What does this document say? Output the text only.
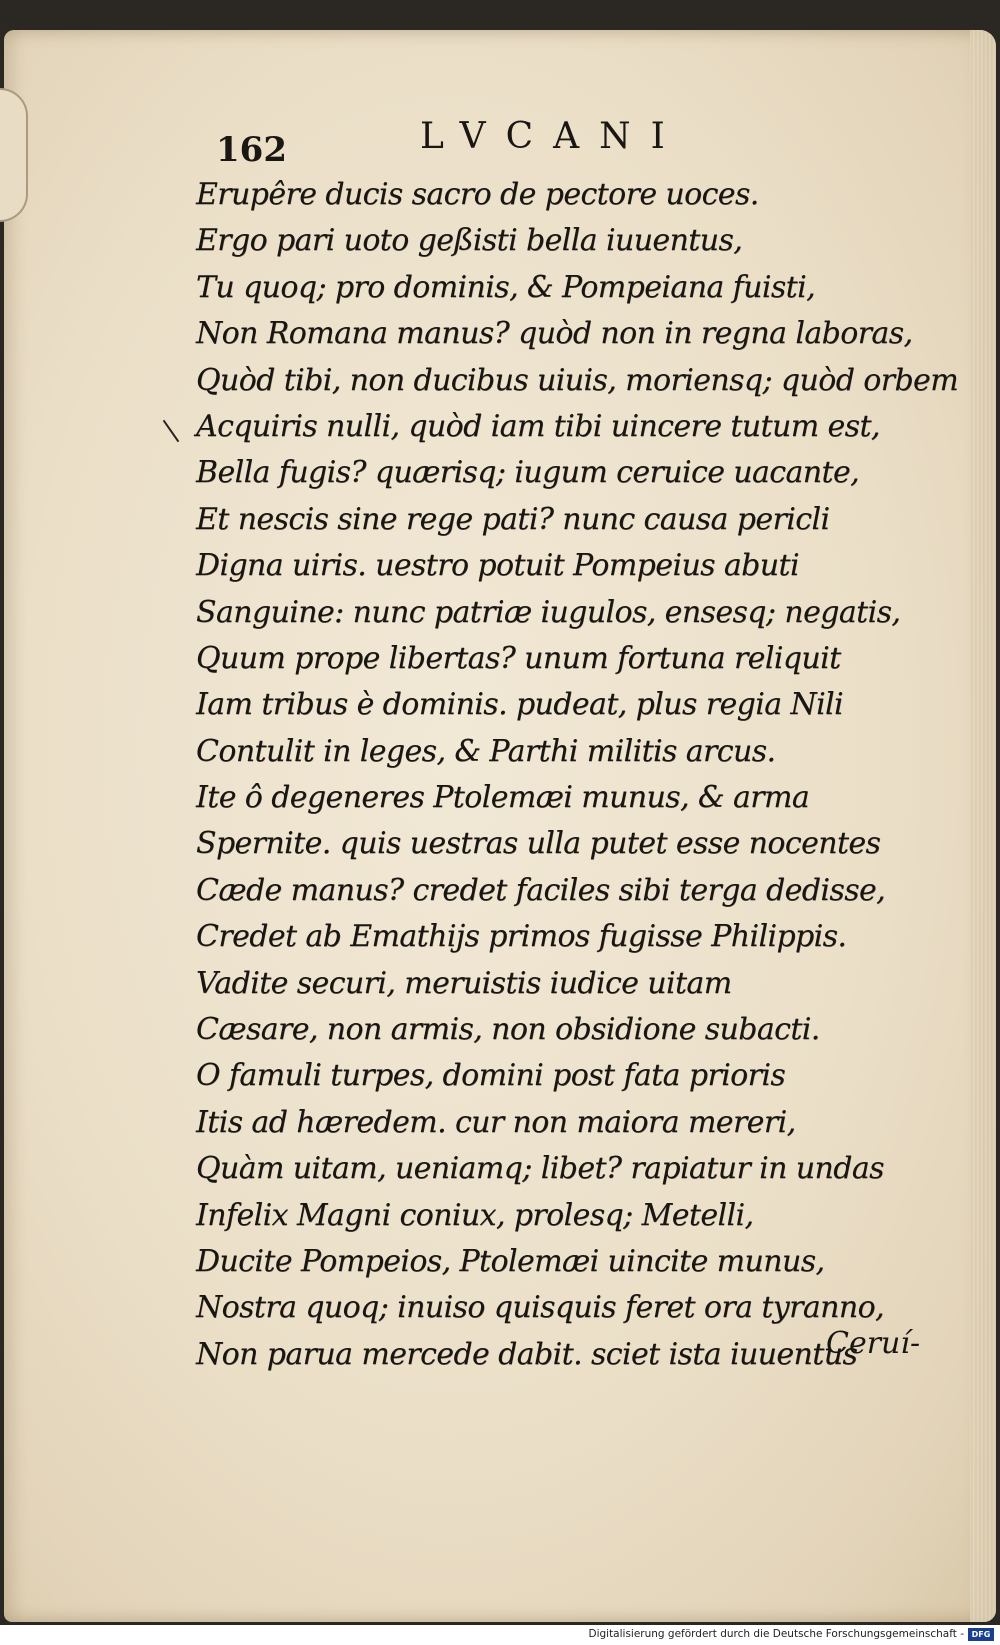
162	LVCANI
Erupêre ducis sacro de pectore uoces.
Ergo pari uoto geßisti bella iuuentus,
Tu quoq; pro dominis, & Pompeiana fuisti,
Non Romana manus? quòd non in regna laboras,
Quòd tibi, non ducibus uiuis, moriensq; quòd orbem
Acquiris nulli, quòd iam tibi uincere tutum est,
Bella fugis? quærisq; iugum ceruice uacante,
Et nescis sine rege pati? nunc causa pericli
Digna uiris. uestro potuit Pompeius abuti
Sanguine: nunc patriæ iugulos, ensesq; negatis,
Quum prope libertas? unum fortuna reliquit
Iam tribus è dominis. pudeat, plus regia Nili
Contulit in leges, & Parthi militis arcus.
Ite ô degeneres Ptolemæi munus, & arma
Spernite. quis uestras ulla putet esse nocentes
Cæde manus? credet faciles sibi terga dedisse,
Credet ab Emathijs primos fugisse Philippis.
Vadite securi, meruistis iudice uitam
Cæsare, non armis, non obsidione subacti.
O famuli turpes, domini post fata prioris
Itis ad hæredem. cur non maiora mereri,
Quàm uitam, ueniamq; libet? rapiatur in undas
Infelix Magni coniux, prolesq; Metelli,
Ducite Pompeios, Ptolemæi uincite munus,
Nostra quoq; inuiso quisquis feret ora tyranno,
Non parua mercede dabit. sciet ista iuuentus
Ceruí-
Digitalisierung gefördert durch die Deutsche Forschungsgemeinschaft - DFG
